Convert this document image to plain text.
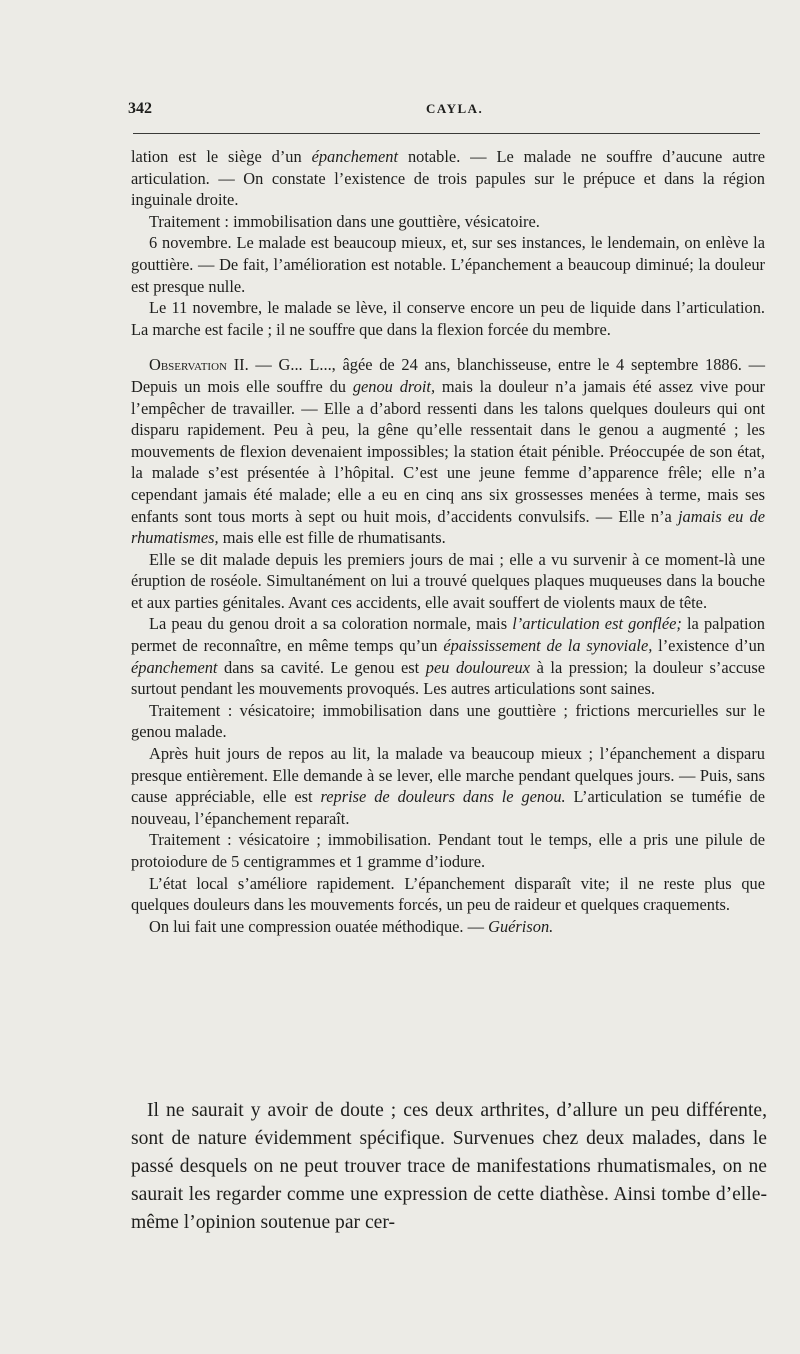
342	CAYLA.

lation est le siège d’un épanchement notable. — Le malade ne souffre d’aucune autre articulation. — On constate l’existence de trois papules sur le prépuce et dans la région inguinale droite.

Traitement : immobilisation dans une gouttière, vésicatoire.

6 novembre. Le malade est beaucoup mieux, et, sur ses instances, le lendemain, on enlève la gouttière. — De fait, l’amélioration est notable. L’épanchement a beaucoup diminué; la douleur est presque nulle.

Le 11 novembre, le malade se lève, il conserve encore un peu de liquide dans l’articulation. La marche est facile ; il ne souffre que dans la flexion forcée du membre.

Observation II. — G... L..., âgée de 24 ans, blanchisseuse, entre le 4 septembre 1886. — Depuis un mois elle souffre du genou droit, mais la douleur n’a jamais été assez vive pour l’empêcher de travailler. — Elle a d’abord ressenti dans les talons quelques douleurs qui ont disparu rapidement. Peu à peu, la gêne qu’elle ressentait dans le genou a augmenté ; les mouvements de flexion devenaient impossibles; la station était pénible. Préoccupée de son état, la malade s’est présentée à l’hôpital. C’est une jeune femme d’apparence frêle; elle n’a cependant jamais été malade; elle a eu en cinq ans six grossesses menées à terme, mais ses enfants sont tous morts à sept ou huit mois, d’accidents convulsifs. — Elle n’a jamais eu de rhumatismes, mais elle est fille de rhumatisants.

Elle se dit malade depuis les premiers jours de mai ; elle a vu survenir à ce moment-là une éruption de roséole. Simultanément on lui a trouvé quelques plaques muqueuses dans la bouche et aux parties génitales. Avant ces accidents, elle avait souffert de violents maux de tête.

La peau du genou droit a sa coloration normale, mais l’articulation est gonflée; la palpation permet de reconnaître, en même temps qu’un épaississement de la synoviale, l’existence d’un épanchement dans sa cavité. Le genou est peu douloureux à la pression; la douleur s’accuse surtout pendant les mouvements provoqués. Les autres articulations sont saines.

Traitement : vésicatoire; immobilisation dans une gouttière ; frictions mercurielles sur le genou malade.

Après huit jours de repos au lit, la malade va beaucoup mieux ; l’épanchement a disparu presque entièrement. Elle demande à se lever, elle marche pendant quelques jours. — Puis, sans cause appréciable, elle est reprise de douleurs dans le genou. L’articulation se tuméfie de nouveau, l’épanchement reparaît.

Traitement : vésicatoire ; immobilisation. Pendant tout le temps, elle a pris une pilule de protoiodure de 5 centigrammes et 1 gramme d’iodure.

L’état local s’améliore rapidement. L’épanchement disparaît vite; il ne reste plus que quelques douleurs dans les mouvements forcés, un peu de raideur et quelques craquements.

On lui fait une compression ouatée méthodique. — Guérison.

Il ne saurait y avoir de doute ; ces deux arthrites, d’allure un peu différente, sont de nature évidemment spécifique. Survenues chez deux malades, dans le passé desquels on ne peut trouver trace de manifestations rhumatismales, on ne saurait les regarder comme une expression de cette diathèse. Ainsi tombe d’elle-même l’opinion soutenue par cer-
